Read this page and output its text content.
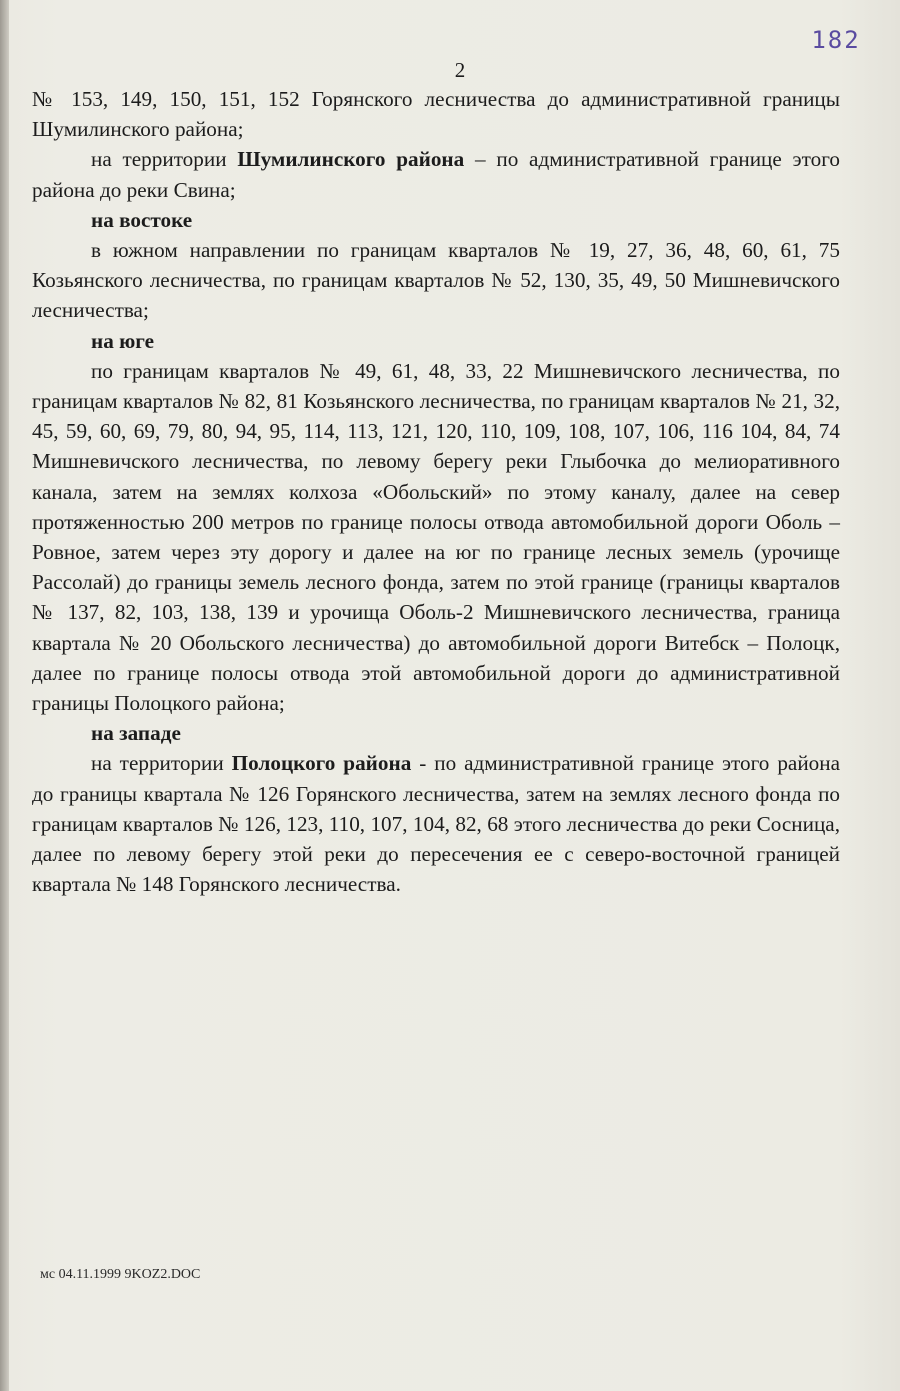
182
2

№ 153, 149, 150, 151, 152 Горянского лесничества до административной границы Шумилинского района;

на территории Шумилинского района – по административной границе этого района до реки Свина;

на востоке

в южном направлении по границам кварталов № 19, 27, 36, 48, 60, 61, 75 Козьянского лесничества, по границам кварталов № 52, 130, 35, 49, 50 Мишневичского лесничества;

на юге

по границам кварталов № 49, 61, 48, 33, 22 Мишневичского лесничества, по границам кварталов № 82, 81 Козьянского лесничества, по границам кварталов № 21, 32, 45, 59, 60, 69, 79, 80, 94, 95, 114, 113, 121, 120, 110, 109, 108, 107, 106, 116 104, 84, 74 Мишневичского лесничества, по левому берегу реки Глыбочка до мелиоративного канала, затем на землях колхоза «Обольский» по этому каналу, далее на север протяженностью 200 метров по границе полосы отвода автомобильной дороги Оболь – Ровное, затем через эту дорогу и далее на юг по границе лесных земель (урочище Рассолай) до границы земель лесного фонда, затем по этой границе (границы кварталов № 137, 82, 103, 138, 139 и урочища Оболь-2 Мишневичского лесничества, граница квартала № 20 Обольского лесничества) до автомобильной дороги Витебск – Полоцк, далее по границе полосы отвода этой автомобильной дороги до административной границы Полоцкого района;

на западе

на территории Полоцкого района - по административной границе этого района до границы квартала № 126 Горянского лесничества, затем на землях лесного фонда по границам кварталов № 126, 123, 110, 107, 104, 82, 68 этого лесничества до реки Сосница, далее по левому берегу этой реки до пересечения ее с северо-восточной границей квартала № 148 Горянского лесничества.

мс 04.11.1999 9KOZ2.DOC
